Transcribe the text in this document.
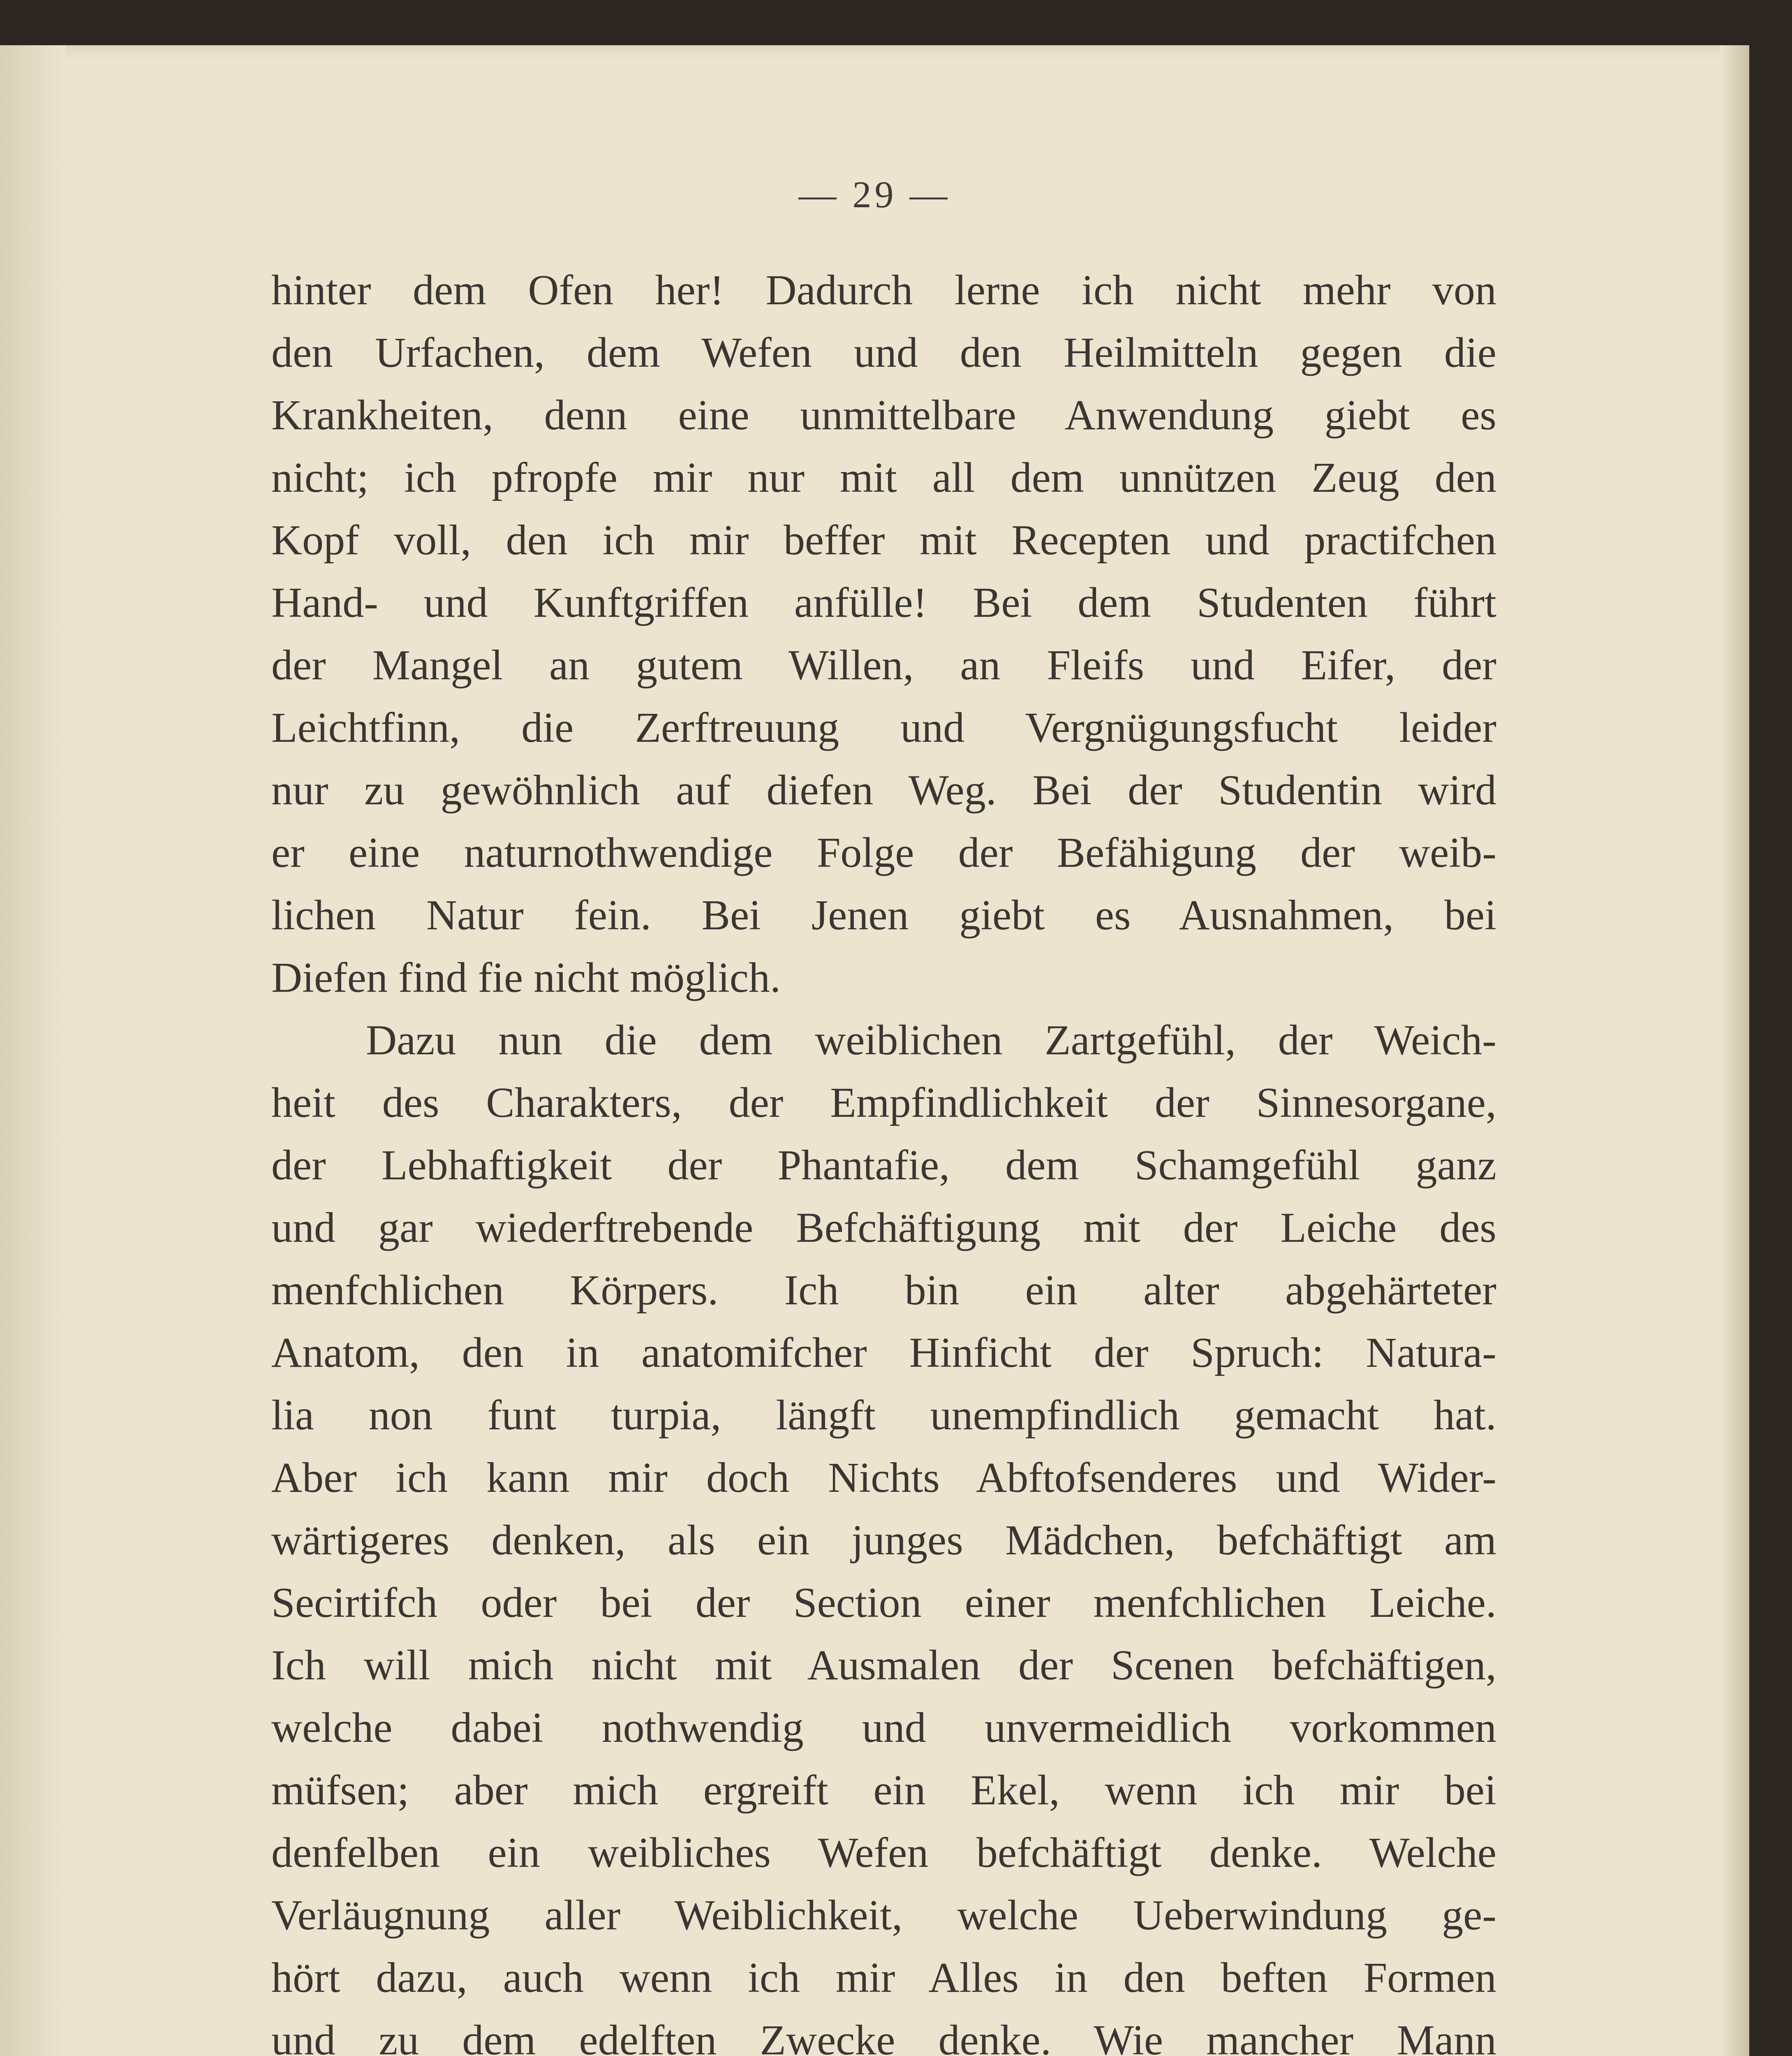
— 29 —
hinter dem Ofen her! Dadurch lerne ich nicht mehr von
den Urfachen, dem Wefen und den Heilmitteln gegen die
Krankheiten, denn eine unmittelbare Anwendung giebt es
nicht; ich pfropfe mir nur mit all dem unnützen Zeug den
Kopf voll, den ich mir beffer mit Recepten und practifchen
Hand- und Kunftgriffen anfülle! Bei dem Studenten führt
der Mangel an gutem Willen, an Fleifs und Eifer, der
Leichtfinn, die Zerftreuung und Vergnügungsfucht leider
nur zu gewöhnlich auf diefen Weg. Bei der Studentin wird
er eine naturnothwendige Folge der Befähigung der weib-
lichen Natur fein. Bei Jenen giebt es Ausnahmen, bei
Diefen find fie nicht möglich.
Dazu nun die dem weiblichen Zartgefühl, der Weich-
heit des Charakters, der Empfindlichkeit der Sinnesorgane,
der Lebhaftigkeit der Phantafie, dem Schamgefühl ganz
und gar wiederftrebende Befchäftigung mit der Leiche des
menfchlichen Körpers. Ich bin ein alter abgehärteter
Anatom, den in anatomifcher Hinficht der Spruch: Natura-
lia non funt turpia, längft unempfindlich gemacht hat.
Aber ich kann mir doch Nichts Abftofsenderes und Wider-
wärtigeres denken, als ein junges Mädchen, befchäftigt am
Secirtifch oder bei der Section einer menfchlichen Leiche.
Ich will mich nicht mit Ausmalen der Scenen befchäftigen,
welche dabei nothwendig und unvermeidlich vorkommen
müfsen; aber mich ergreift ein Ekel, wenn ich mir bei
denfelben ein weibliches Wefen befchäftigt denke. Welche
Verläugnung aller Weiblichkeit, welche Ueberwindung ge-
hört dazu, auch wenn ich mir Alles in den beften Formen
und zu dem edelften Zwecke denke. Wie mancher Mann
